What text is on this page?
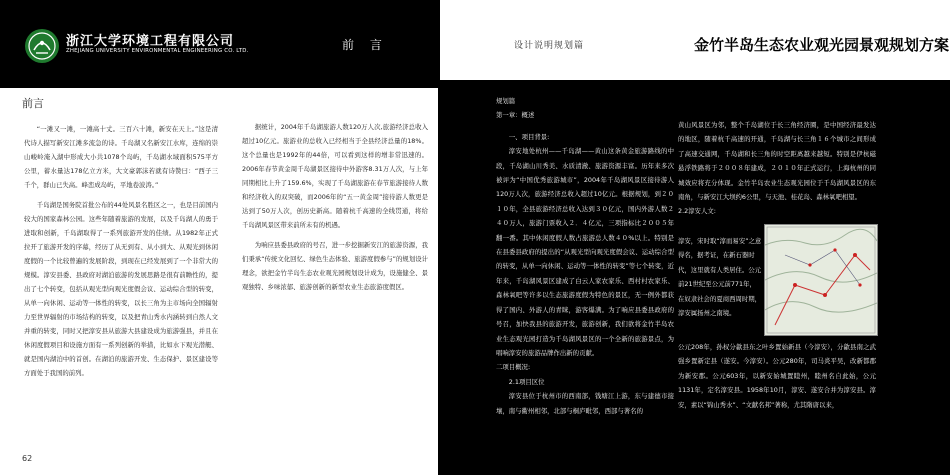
浙江大学环境工程有限公司
ZHEJIANG UNIVERSITY ENVIRONMENTAL ENGINEERING CO. LTD.	前 言
前言

“一滩又一滩，一滩高十丈。三百六十滩，新安在天上。”这是清代诗人描写新安江滩多流急的诗。千岛湖又名新安江水库，连绵的崇山峻岭淹入湖中形成大小共1078个岛屿，千岛湖水域面积575平方公里，蓄水量达178亿立方米，大文豪郭沫若就有诗赞曰：“西子三千个，群山已失高。峰峦成岛屿，平地卷波涛。”

千岛湖是国务院首批公布的44处风景名胜区之一，也是目前国内较大的国家森林公园。这些年随着旅游的发展，以及千岛湖人的勇于进取和创新，千岛湖取得了一系列旅游开发的佳绩。从1982年正式拉开了旅游开发的序幕，经历了从无到有、从小到大、从观光到休闲度假的一个比较曾遍的发展阶段，到现在已经发展到了一个非常大的规模。淳安县委、县政府对湖泊旅游的发展思路是很有前瞻性的，提出了七个转变，包括从观光型向观光度假会议、运动综合型的转变，从单一向休闲、运动等一体性的转变，以长三角为主市场向全国辐射力至世界辐射的市场结构的转变，以及把青山秀水内涵转到自然人文并重的转变，同时又把淳安县从旅游大县建设成为旅游强县，并且在休闲度假项目和设施方面有一系列创新的举措，比如水下观光潜艇、就是国内湖泊中的首创。在湖泊的旅游开发、生态保护、景区建设等方面处于我国的前列。

据统计，2004年千岛湖旅游人数120万人次,旅游经济总收入超过10亿元。旅游业的总收入已经相当于全县经济总量的18%。这个总量也是1992年的44倍，可以看到这样的增非常迅速的。2006年春节黄金周千岛湖景区接待中外游客8.31万人次，与上年同期相比上升了159.6%，实现了千岛湖旅游在春节旅游接待人数和经济收入的双突破，而2006年的“五一黄金周”接待游人数更是达到了50万人次，创历史新高。随着杭千高速的全线贯通，将给千岛湖风景区带来前所未有的机遇。

为响应县委县政府的号召，进一步挖掘新安江的旅游资源，我们秉承“传统文化回忆、绿色生态体验、旅游度假参与”的规划设计理念，欲把金竹半岛生态农业观光园规划设计成为，设施健全、景观独特、乡味浓郁、旅游创新的新型农业生态旅游度假区。

62
设计说明规划篇	金竹半岛生态农业观光园景观规划方案

规划篇

第一章：概述

一、项目背景:

淳安地处杭州——千岛湖——黄山这条黄金旅游路线的中段，千岛湖山川秀美、水质清澈、旅游资源丰富。历年来多次被评为“中国优秀旅游城市”，2004年千岛湖风景区接待游人120万人次，旅游经济总收入超过10亿元。根据规划，到２０１０年，全县旅游经济总收入达到３０亿元，国内外游人数２４０万人，旅游门票收入２．４亿元，三项指标比２００５年翻一番。其中休闲度假人数占旅游总人数４０%以上。特别是在县委县政府的提出的“从观光型向观光度假会议、运动综合型的转变，从单一向休闲、运动等一体性的转变”等七个转变，近年来，千岛湖风景区建成了白云人家农家乐、西村村农家乐、森林氧吧等许多以生态旅游度假为特色的景区，无一例外都获得了国内、外游人的青睐，游客爆满。为了响应县委县政府的号召，加快我县的旅游开发，旅游创新，我们欲将金竹半岛农业生态观光园打造为千岛湖风景区的一个全新的旅游景点，为唱响淳安的旅游品牌作出新的贡献。

二项目概况:

2.1项目区位

淳安县位于杭州市的西南部，钱塘江上游，东与建德市接壤，南与衢州相邻，北部与桐庐毗邻，西部与著名的

黄山风景区为邻，整个千岛湖位于长三角经济圈，是中国经济最发达的地区，随着杭千高速的开通，千岛湖与长三角１６个城市之间形成了高速交通网，千岛湖和长三角的时空距离越来越短。特别是伊杭磁悬浮铁路将于２００８年建成，２０１０年正式运行，上海杭州的同城效应将充分体现。金竹半岛农业生态观光园位于千岛湖风景区的东南角，与新安江大坝约6公里，与天池、桂花岛、森林氧吧相望。

2.2淳安人文:

淳安，宋时取“淳而易安”之意得名，据考证，在新石器时代，这里就有人类居住。公元前21世纪至公元前771年，在奴隶社会的夏商西周时期，淳安属扬州之南境。
公元208年，孙权分歙县东之叶乡置始新县（今淳安），分歙县南之武强乡置新定县（遂安。今淳安）。公元280年，司马炎平吴，改新都郡为新安郡。公元603年，以新安始城置睦州，睦州名自此始，公元1131年，定名淳安县。1958年10月，淳安、遂安合并为淳安县。淳安，素以“锦山秀水”、“文献名邦”著称，尤其隋唐以来，
